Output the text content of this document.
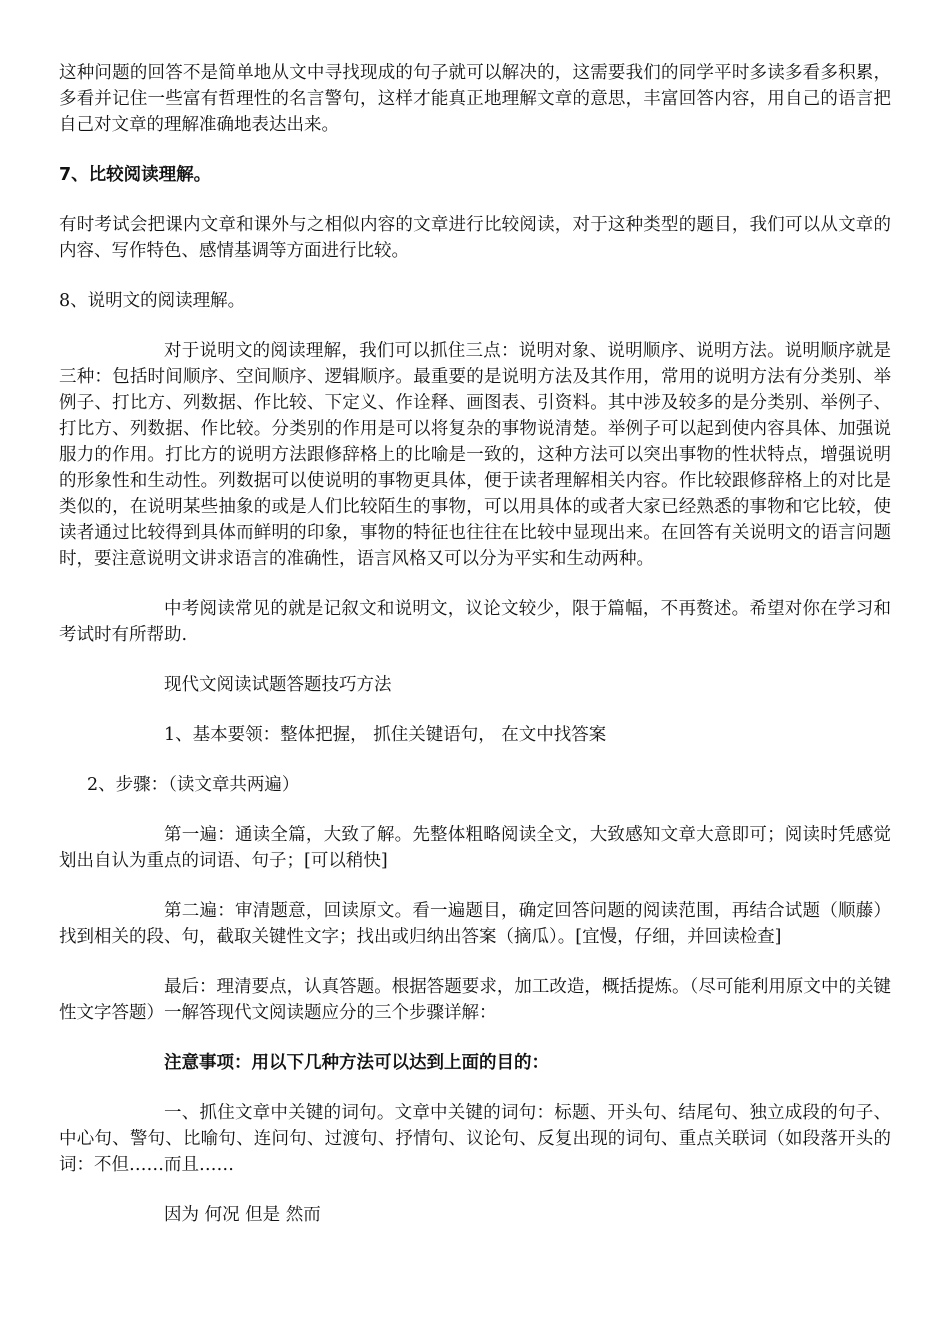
这种问题的回答不是简单地从文中寻找现成的句子就可以解决的，这需要我们的同学平时多读多看多积累，多看并记住一些富有哲理性的名言警句，这样才能真正地理解文章的意思，丰富回答内容，用自己的语言把自己对文章的理解准确地表达出来。

7、比较阅读理解。

有时考试会把课内文章和课外与之相似内容的文章进行比较阅读，对于这种类型的题目，我们可以从文章的内容、写作特色、感情基调等方面进行比较。

8、说明文的阅读理解。

对于说明文的阅读理解，我们可以抓住三点：说明对象、说明顺序、说明方法。说明顺序就是三种：包括时间顺序、空间顺序、逻辑顺序。最重要的是说明方法及其作用，常用的说明方法有分类别、举例子、打比方、列数据、作比较、下定义、作诠释、画图表、引资料。其中涉及较多的是分类别、举例子、打比方、列数据、作比较。分类别的作用是可以将复杂的事物说清楚。举例子可以起到使内容具体、加强说服力的作用。打比方的说明方法跟修辞格上的比喻是一致的，这种方法可以突出事物的性状特点，增强说明的形象性和生动性。列数据可以使说明的事物更具体，便于读者理解相关内容。作比较跟修辞格上的对比是类似的，在说明某些抽象的或是人们比较陌生的事物，可以用具体的或者大家已经熟悉的事物和它比较，使读者通过比较得到具体而鲜明的印象，事物的特征也往往在比较中显现出来。在回答有关说明文的语言问题时，要注意说明文讲求语言的准确性，语言风格又可以分为平实和生动两种。

中考阅读常见的就是记叙文和说明文，议论文较少，限于篇幅，不再赘述。希望对你在学习和考试时有所帮助.

现代文阅读试题答题技巧方法

1、基本要领：整体把握， 抓住关键语句， 在文中找答案

2、步骤：（读文章共两遍）

第一遍：通读全篇，大致了解。先整体粗略阅读全文，大致感知文章大意即可；阅读时凭感觉划出自认为重点的词语、句子；[可以稍快]

第二遍：审清题意，回读原文。看一遍题目，确定回答问题的阅读范围，再结合试题（顺藤）找到相关的段、句，截取关键性文字；找出或归纳出答案（摘瓜）。[宜慢，仔细，并回读检查]

最后：理清要点，认真答题。根据答题要求，加工改造，概括提炼。（尽可能利用原文中的关键性文字答题）一解答现代文阅读题应分的三个步骤详解：

注意事项：用以下几种方法可以达到上面的目的：

一、抓住文章中关键的词句。文章中关键的词句：标题、开头句、结尾句、独立成段的句子、中心句、警句、比喻句、连问句、过渡句、抒情句、议论句、反复出现的词句、重点关联词（如段落开头的词：不但……而且……

因为 何况 但是 然而
